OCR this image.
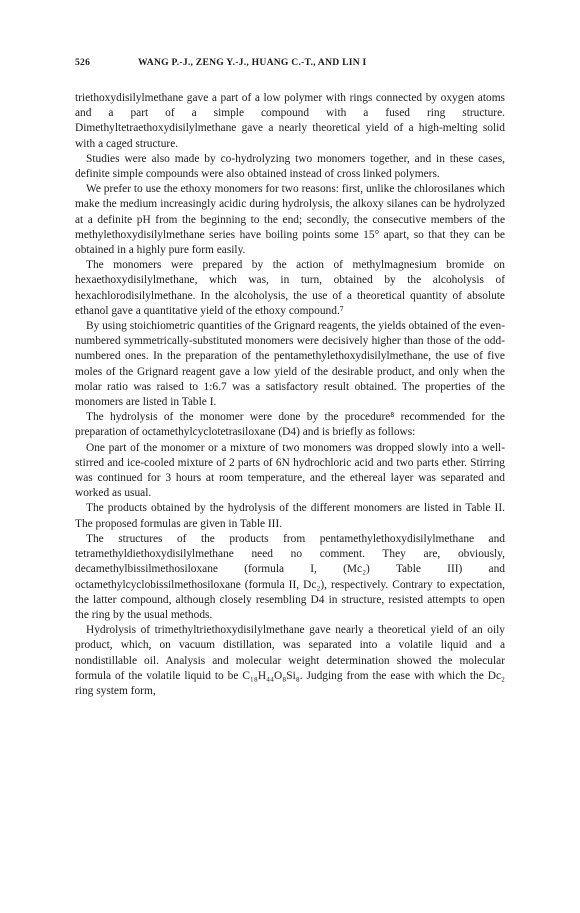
526	WANG P.-J., ZENG Y.-J., HUANG C.-T., AND LIN I

triethoxydisilylmethane gave a part of a low polymer with rings connected by oxygen atoms and a part of a simple compound with a fused ring structure. Dimethyltetraethoxydisilylmethane gave a nearly theoretical yield of a high-melting solid with a caged structure.

Studies were also made by co-hydrolyzing two monomers together, and in these cases, definite simple compounds were also obtained instead of cross linked polymers.

We prefer to use the ethoxy monomers for two reasons: first, unlike the chlorosilanes which make the medium increasingly acidic during hydrolysis, the alkoxy silanes can be hydrolyzed at a definite pH from the beginning to the end; secondly, the consecutive members of the methylethoxydisilylmethane series have boiling points some 15° apart, so that they can be obtained in a highly pure form easily.

The monomers were prepared by the action of methylmagnesium bromide on hexaethoxydisilylmethane, which was, in turn, obtained by the alcoholysis of hexachlorodisilylmethane. In the alcoholysis, the use of a theoretical quantity of absolute ethanol gave a quantitative yield of the ethoxy compound.⁷

By using stoichiometric quantities of the Grignard reagents, the yields obtained of the even-numbered symmetrically-substituted monomers were decisively higher than those of the odd-numbered ones. In the preparation of the pentamethylethoxydisilylmethane, the use of five moles of the Grignard reagent gave a low yield of the desirable product, and only when the molar ratio was raised to 1:6.7 was a satisfactory result obtained. The properties of the monomers are listed in Table I.

The hydrolysis of the monomer were done by the procedure⁸ recommended for the preparation of octamethylcyclotetrasiloxane (D4) and is briefly as follows:

One part of the monomer or a mixture of two monomers was dropped slowly into a well-stirred and ice-cooled mixture of 2 parts of 6N hydrochloric acid and two parts ether. Stirring was continued for 3 hours at room temperature, and the ethereal layer was separated and worked as usual.

The products obtained by the hydrolysis of the different monomers are listed in Table II. The proposed formulas are given in Table III.

The structures of the products from pentamethylethoxydisilylmethane and tetramethyldiethoxydisilylmethane need no comment. They are, obviously, decamethylbissilmethosiloxane (formula I, (Mc₂) Table III) and octamethylcyclobissilmethosiloxane (formula II, Dc₂), respectively. Contrary to expectation, the latter compound, although closely resembling D4 in structure, resisted attempts to open the ring by the usual methods.

Hydrolysis of trimethyltriethoxydisilylmethane gave nearly a theoretical yield of an oily product, which, on vacuum distillation, was separated into a volatile liquid and a nondistillable oil. Analysis and molecular weight determination showed the molecular formula of the volatile liquid to be C₁₈H₄₄O₈Si₈. Judging from the ease with which the Dc₂ ring system form,
